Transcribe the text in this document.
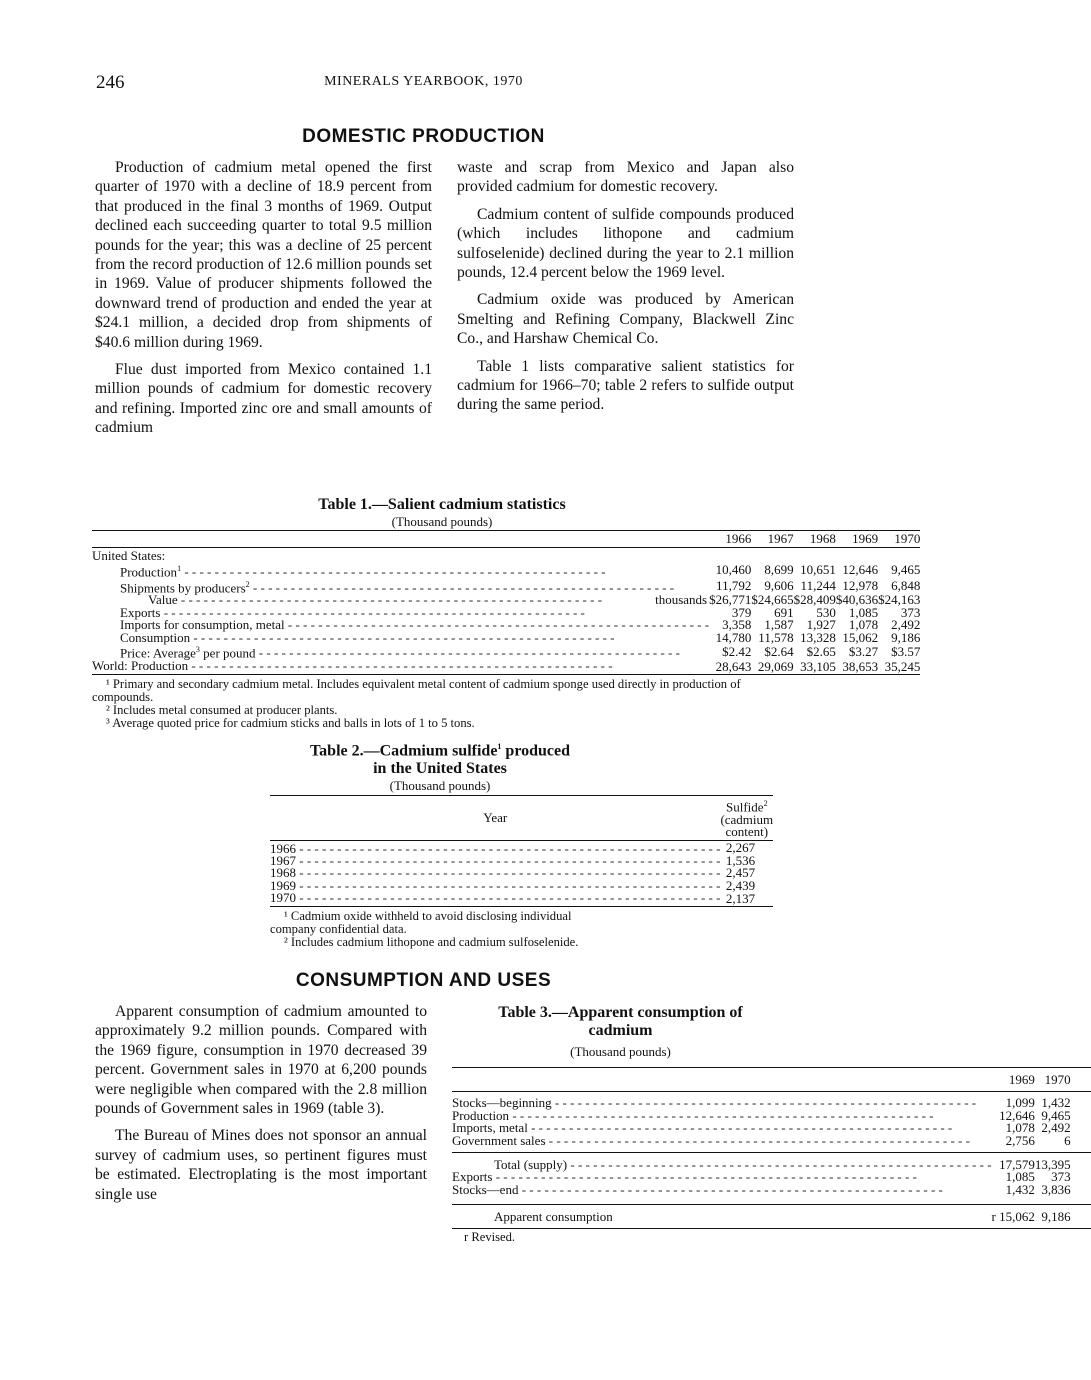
246	MINERALS YEARBOOK, 1970
DOMESTIC PRODUCTION

Production of cadmium metal opened the first quarter of 1970 with a decline of 18.9 percent from that produced in the final 3 months of 1969. Output declined each succeeding quarter to total 9.5 million pounds for the year; this was a decline of 25 percent from the record production of 12.6 million pounds set in 1969. Value of producer shipments followed the downward trend of production and ended the year at $24.1 million, a decided drop from shipments of $40.6 million during 1969.

Flue dust imported from Mexico contained 1.1 million pounds of cadmium for domestic recovery and refining. Imported zinc ore and small amounts of cadmium

waste and scrap from Mexico and Japan also provided cadmium for domestic recovery.

Cadmium content of sulfide compounds produced (which includes lithopone and cadmium sulfoselenide) declined during the year to 2.1 million pounds, 12.4 percent below the 1969 level.

Cadmium oxide was produced by American Smelting and Refining Company, Blackwell Zinc Co., and Harshaw Chemical Co.

Table 1 lists comparative salient statistics for cadmium for 1966–70; table 2 refers to sulfide output during the same period.

Table 1.—Salient cadmium statistics
(Thousand pounds)
	1966	1967	1968	1969	1970
United States:					
Production$^1$ - - -	10,460	8,699	10,651	12,646	9,465
Shipments by producers$^2$ - - -	11,792	9,606	11,244	12,978	6,848
Value - - - thousands	$26,771	$24,665	$28,409	$40,636	$24,163
Exports - - -	379	691	530	1,085	373
Imports for consumption, metal - - -	3,358	1,587	1,927	1,078	2,492
Consumption - - -	14,780	11,578	13,328	15,062	9,186
Price: Average$^3$ per pound - - -	$2.42	$2.64	$2.65	$3.27	$3.57
World: Production - - -	28,643	29,069	33,105	38,653	35,245

¹ Primary and secondary cadmium metal. Includes equivalent metal content of cadmium sponge used directly in production of compounds.

² Includes metal consumed at producer plants.

³ Average quoted price for cadmium sticks and balls in lots of 1 to 5 tons.

Table 2.—Cadmium sulfide$^1$ produced
in the United States
(Thousand pounds)
Year	Sulfide$^2$
(cadmium
content)
1966 - - -	2,267
1967 - - -	1,536
1968 - - -	2,457
1969 - - -	2,439
1970 - - -	2,137

¹ Cadmium oxide withheld to avoid disclosing individual company confidential data.

² Includes cadmium lithopone and cadmium sulfoselenide.

CONSUMPTION AND USES

Apparent consumption of cadmium amounted to approximately 9.2 million pounds. Compared with the 1969 figure, consumption in 1970 decreased 39 percent. Government sales in 1970 at 6,200 pounds were negligible when compared with the 2.8 million pounds of Government sales in 1969 (table 3).

The Bureau of Mines does not sponsor an annual survey of cadmium uses, so pertinent figures must be estimated. Electroplating is the most important single use

Table 3.—Apparent consumption of
cadmium
(Thousand pounds)
	1969	1970
Stocks—beginning - - -	1,099	1,432
Production - - -	12,646	9,465
Imports, metal - - -	1,078	2,492
Government sales - - -	2,756	6
Total (supply) - - -	17,579	13,395
Exports - - -	1,085	373
Stocks—end - - -	1,432	3,836
Apparent consumption	r 15,062	9,186
r Revised.
